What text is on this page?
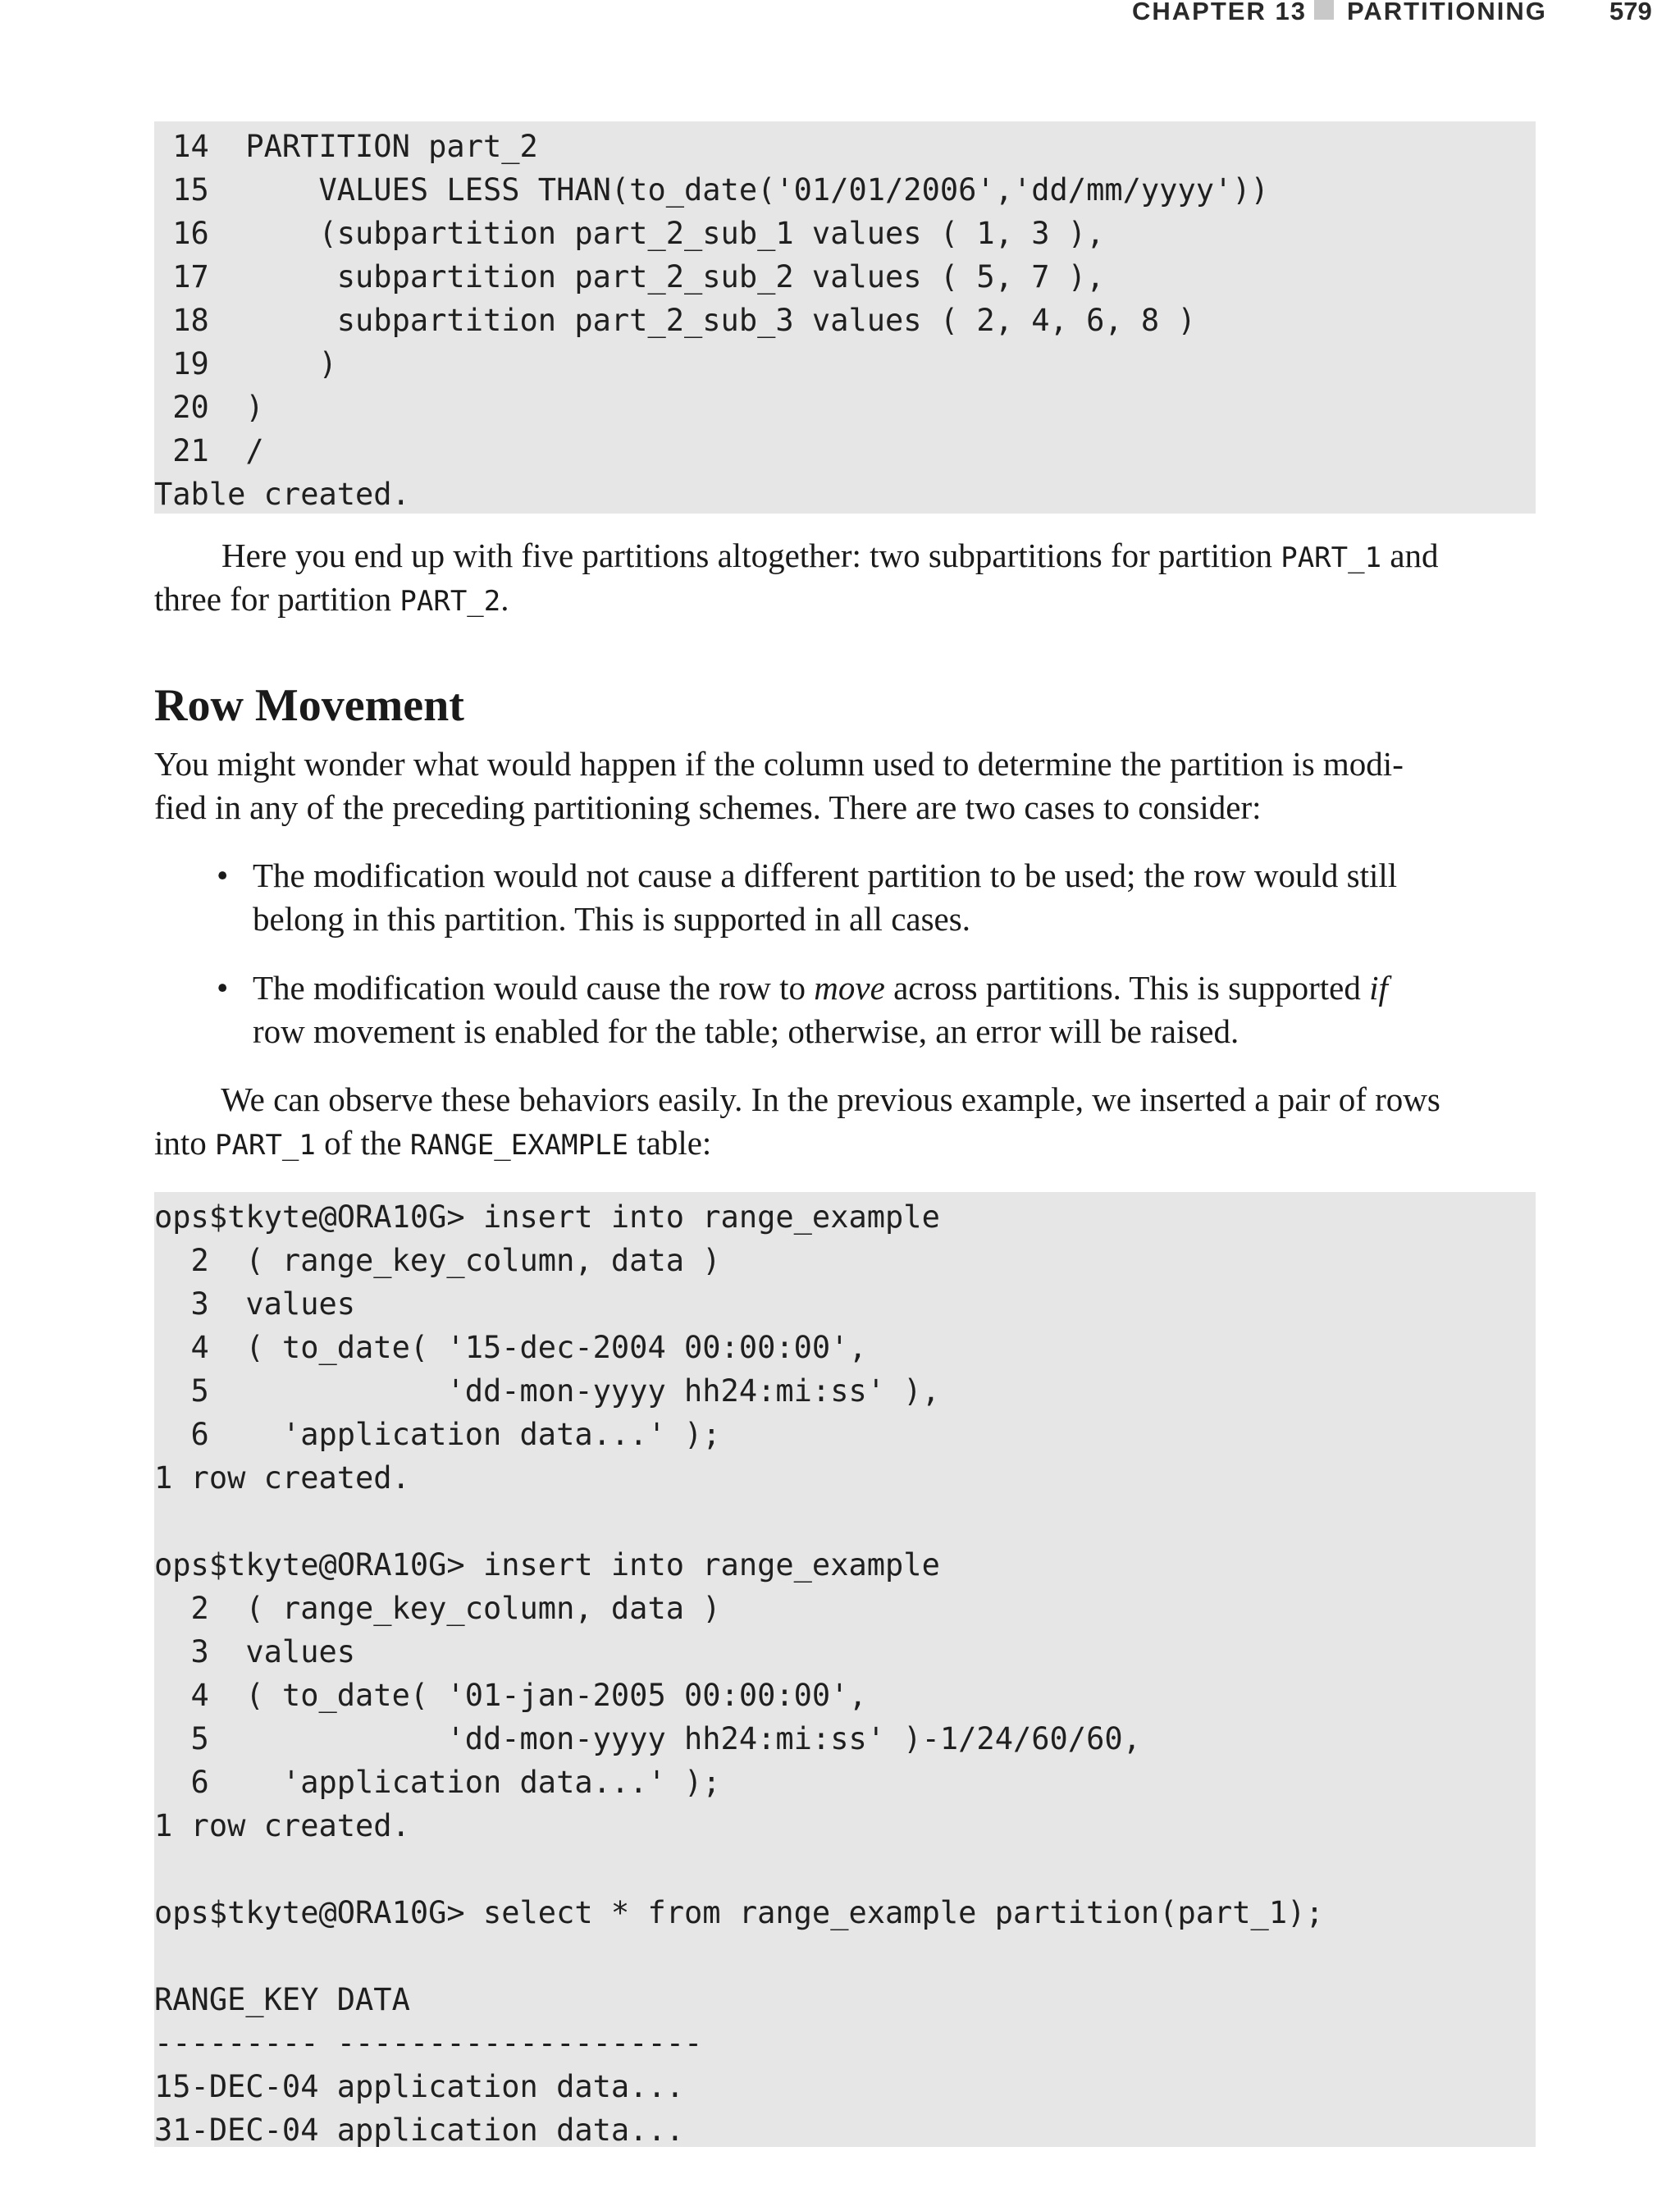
CHAPTER 13 PARTITIONING 579
14  PARTITION part_2
15      VALUES LESS THAN(to_date('01/01/2006','dd/mm/yyyy'))
16      (subpartition part_2_sub_1 values ( 1, 3 ),
17       subpartition part_2_sub_2 values ( 5, 7 ),
18       subpartition part_2_sub_3 values ( 2, 4, 6, 8 )
19      )
20  )
21  /
Table created.
Here you end up with five partitions altogether: two subpartitions for partition PART_1 and
three for partition PART_2.
Row Movement
You might wonder what would happen if the column used to determine the partition is modi-
fied in any of the preceding partitioning schemes. There are two cases to consider:
• The modification would not cause a different partition to be used; the row would still
belong in this partition. This is supported in all cases.
• The modification would cause the row to move across partitions. This is supported if
row movement is enabled for the table; otherwise, an error will be raised.
We can observe these behaviors easily. In the previous example, we inserted a pair of rows
into PART_1 of the RANGE_EXAMPLE table:
ops$tkyte@ORA10G> insert into range_example
2  ( range_key_column, data )
3  values
4  ( to_date( '15-dec-2004 00:00:00',
5             'dd-mon-yyyy hh24:mi:ss' ),
6    'application data...' );
1 row created.
ops$tkyte@ORA10G> insert into range_example
2  ( range_key_column, data )
3  values
4  ( to_date( '01-jan-2005 00:00:00',
5             'dd-mon-yyyy hh24:mi:ss' )-1/24/60/60,
6    'application data...' );
1 row created.
ops$tkyte@ORA10G> select * from range_example partition(part_1);
RANGE_KEY DATA
--------- --------------------
15-DEC-04 application data...
31-DEC-04 application data...
